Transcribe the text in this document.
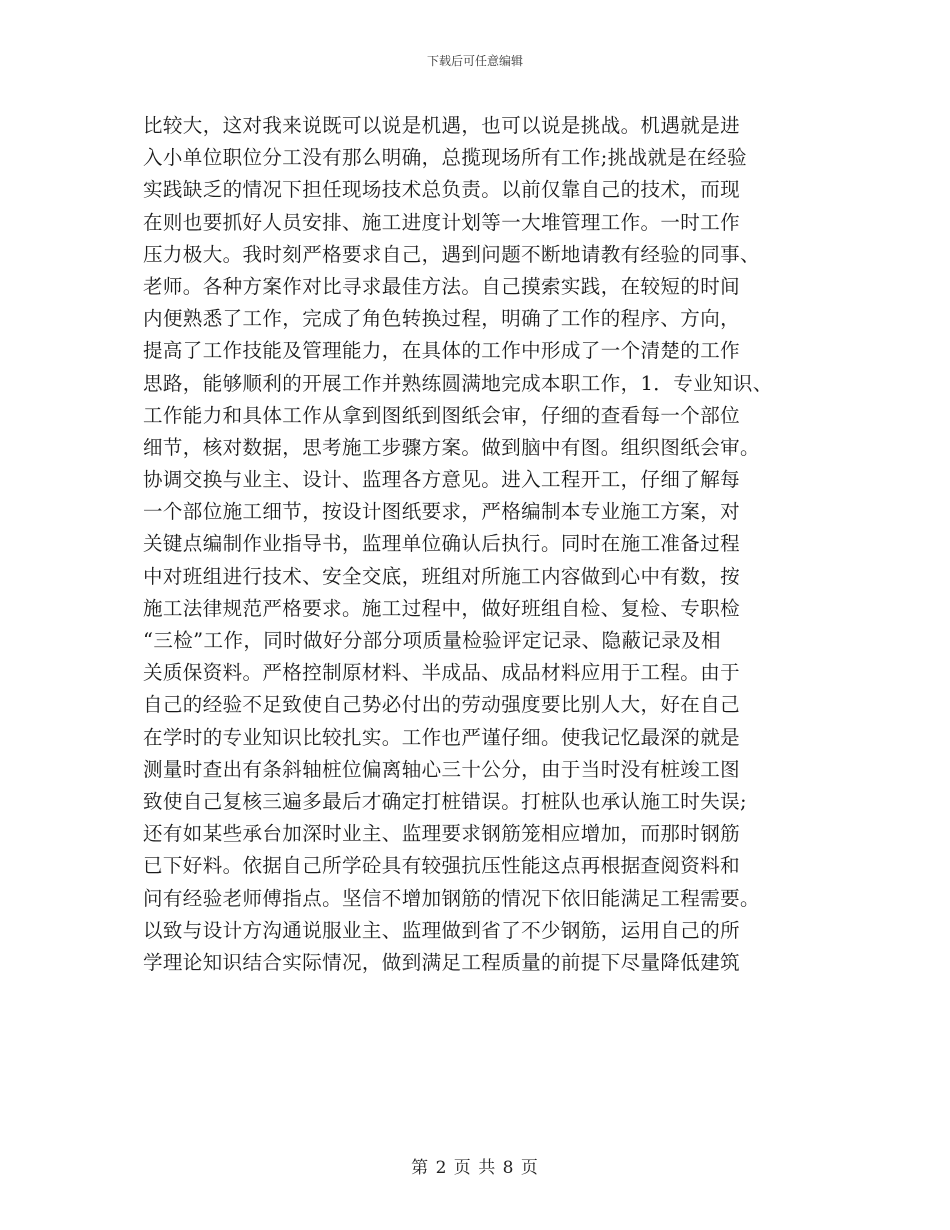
下载后可任意编辑
比较大，这对我来说既可以说是机遇，也可以说是挑战。机遇就是进
入小单位职位分工没有那么明确，总揽现场所有工作;挑战就是在经验
实践缺乏的情况下担任现场技术总负责。以前仅靠自己的技术，而现
在则也要抓好人员安排、施工进度计划等一大堆管理工作。一时工作
压力极大。我时刻严格要求自己，遇到问题不断地请教有经验的同事、
老师。各种方案作对比寻求最佳方法。自己摸索实践，在较短的时间
内便熟悉了工作，完成了角色转换过程，明确了工作的程序、方向，
提高了工作技能及管理能力，在具体的工作中形成了一个清楚的工作
思路，能够顺利的开展工作并熟练圆满地完成本职工作，1．专业知识、
工作能力和具体工作从拿到图纸到图纸会审，仔细的查看每一个部位
细节，核对数据，思考施工步骤方案。做到脑中有图。组织图纸会审。
协调交换与业主、设计、监理各方意见。进入工程开工，仔细了解每
一个部位施工细节，按设计图纸要求，严格编制本专业施工方案，对
关键点编制作业指导书，监理单位确认后执行。同时在施工准备过程
中对班组进行技术、安全交底，班组对所施工内容做到心中有数，按
施工法律规范严格要求。施工过程中，做好班组自检、复检、专职检
“三检”工作，同时做好分部分项质量检验评定记录、隐蔽记录及相
关质保资料。严格控制原材料、半成品、成品材料应用于工程。由于
自己的经验不足致使自己势必付出的劳动强度要比别人大，好在自己
在学时的专业知识比较扎实。工作也严谨仔细。使我记忆最深的就是
测量时查出有条斜轴桩位偏离轴心三十公分，由于当时没有桩竣工图
致使自己复核三遍多最后才确定打桩错误。打桩队也承认施工时失误;
还有如某些承台加深时业主、监理要求钢筋笼相应增加，而那时钢筋
已下好料。依据自己所学砼具有较强抗压性能这点再根据查阅资料和
问有经验老师傅指点。坚信不增加钢筋的情况下依旧能满足工程需要。
以致与设计方沟通说服业主、监理做到省了不少钢筋，运用自己的所
学理论知识结合实际情况，做到满足工程质量的前提下尽量降低建筑
第 2 页 共 8 页
